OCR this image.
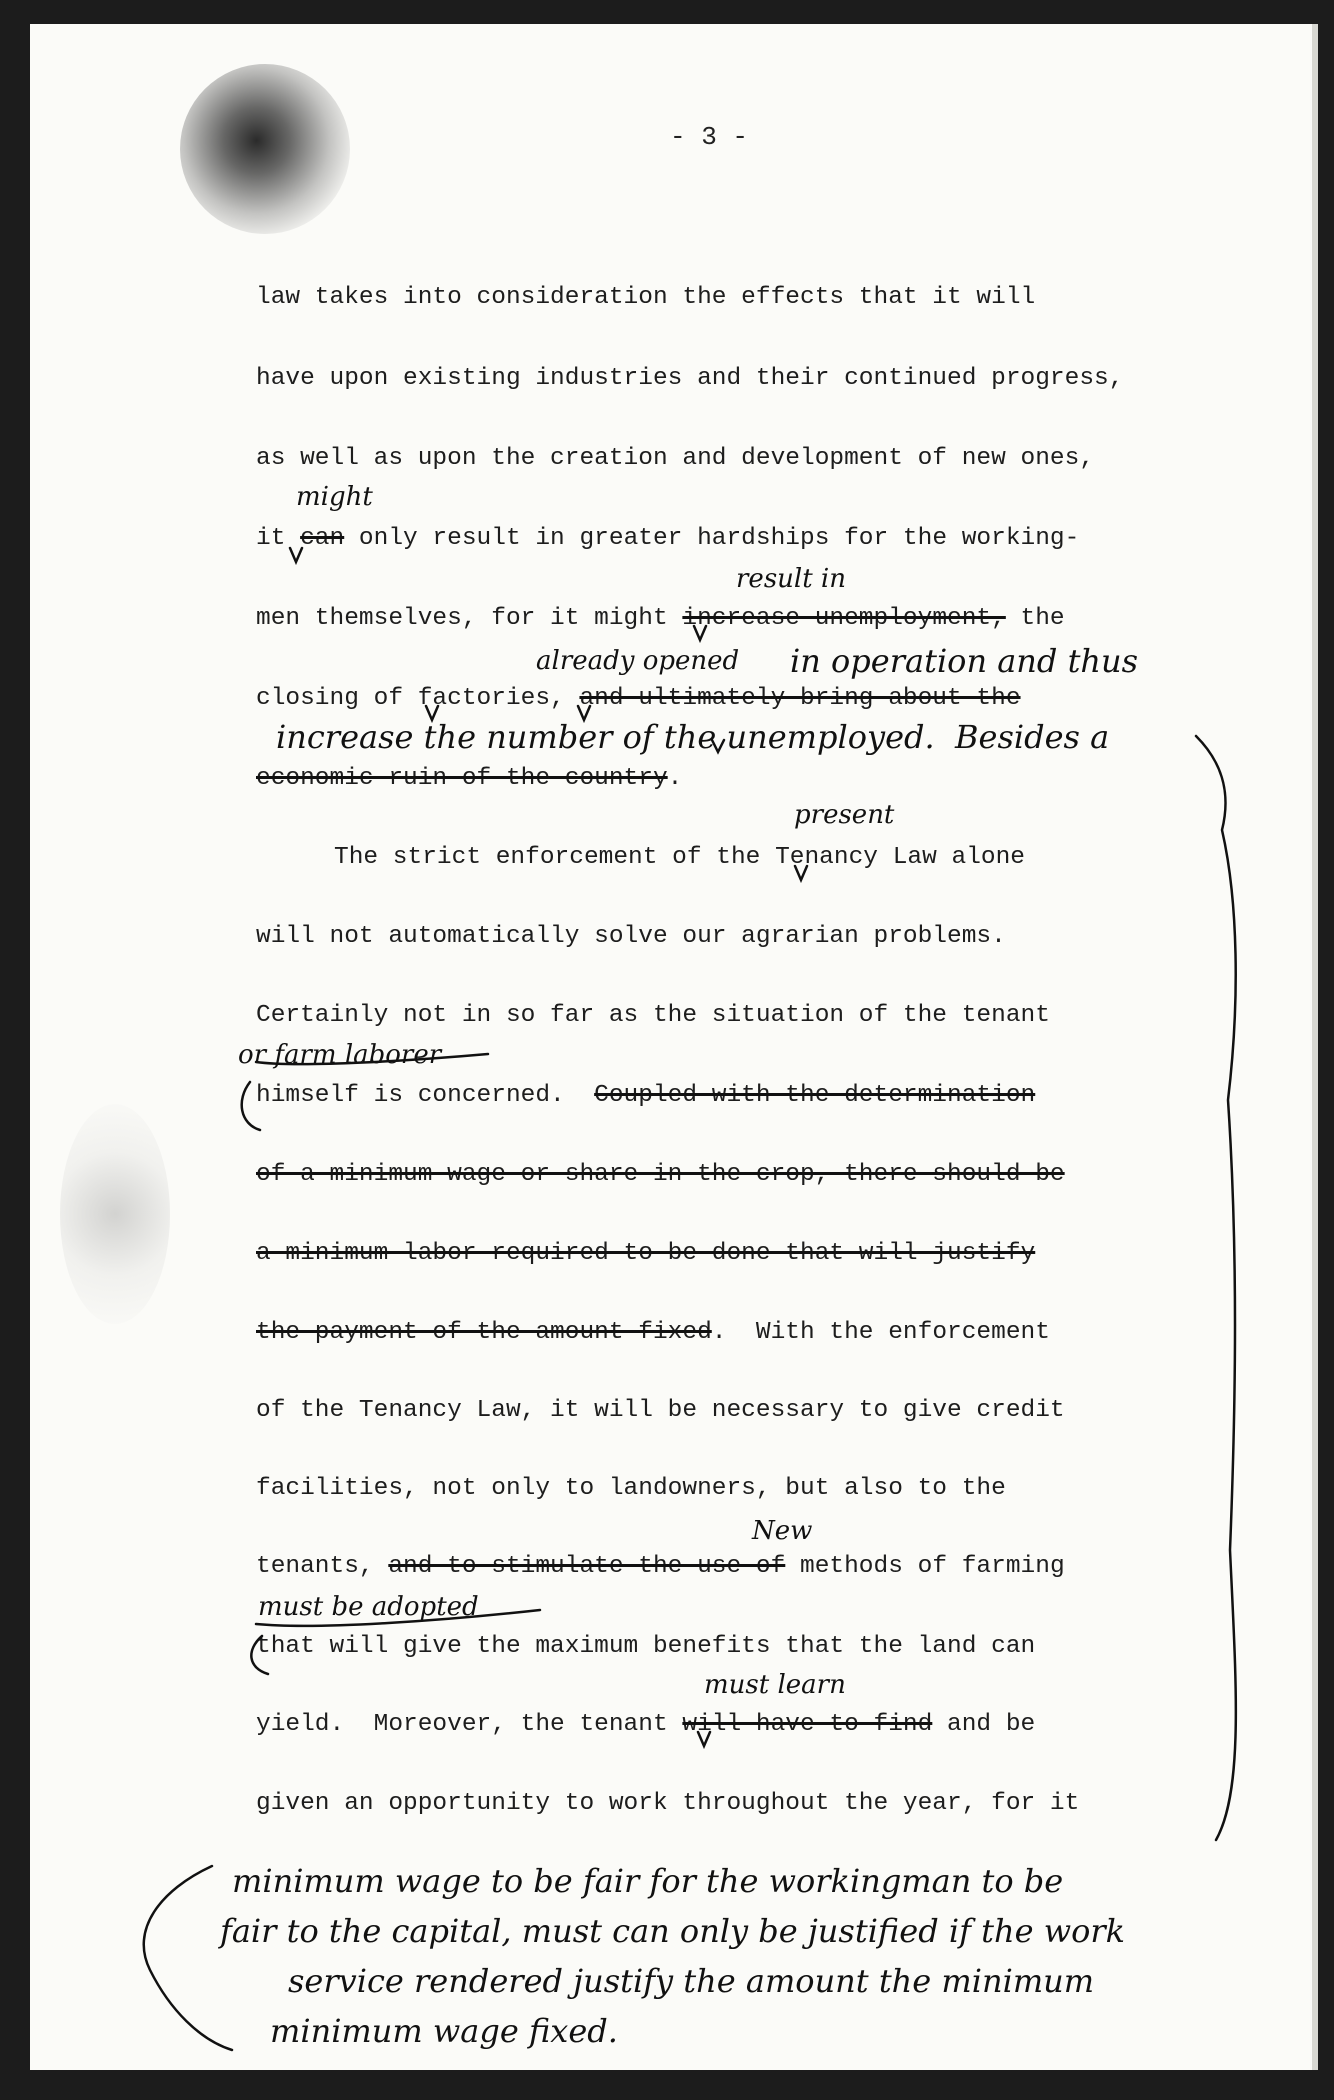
- 3 -
law takes into consideration the effects that it will
have upon existing industries and their continued progress,
as well as upon the creation and development of new ones,
it can only result in greater hardships for the working-
men themselves, for it might increase unemployment, the
closing of factories, and ultimately bring about the
economic ruin of the country.
The strict enforcement of the Tenancy Law alone
will not automatically solve our agrarian problems.
Certainly not in so far as the situation of the tenant
himself is concerned.  Coupled with the determination
of a minimum wage or share in the crop, there should be
a minimum labor required to be done that will justify
the payment of the amount fixed.  With the enforcement
of the Tenancy Law, it will be necessary to give credit
facilities, not only to landowners, but also to the
tenants, and to stimulate the use of methods of farming
that will give the maximum benefits that the land can
yield.  Moreover, the tenant will have to find and be
given an opportunity to work throughout the year, for it
might
result in
already opened in operation and thus
increase the number of the unemployed.  Besides a
present
or farm laborer
New
must be adopted
must learn
minimum wage to be fair for the workingman to be
fair to the capital, must can only be justified if the work
service rendered justify the amount the minimum
minimum wage fixed.
